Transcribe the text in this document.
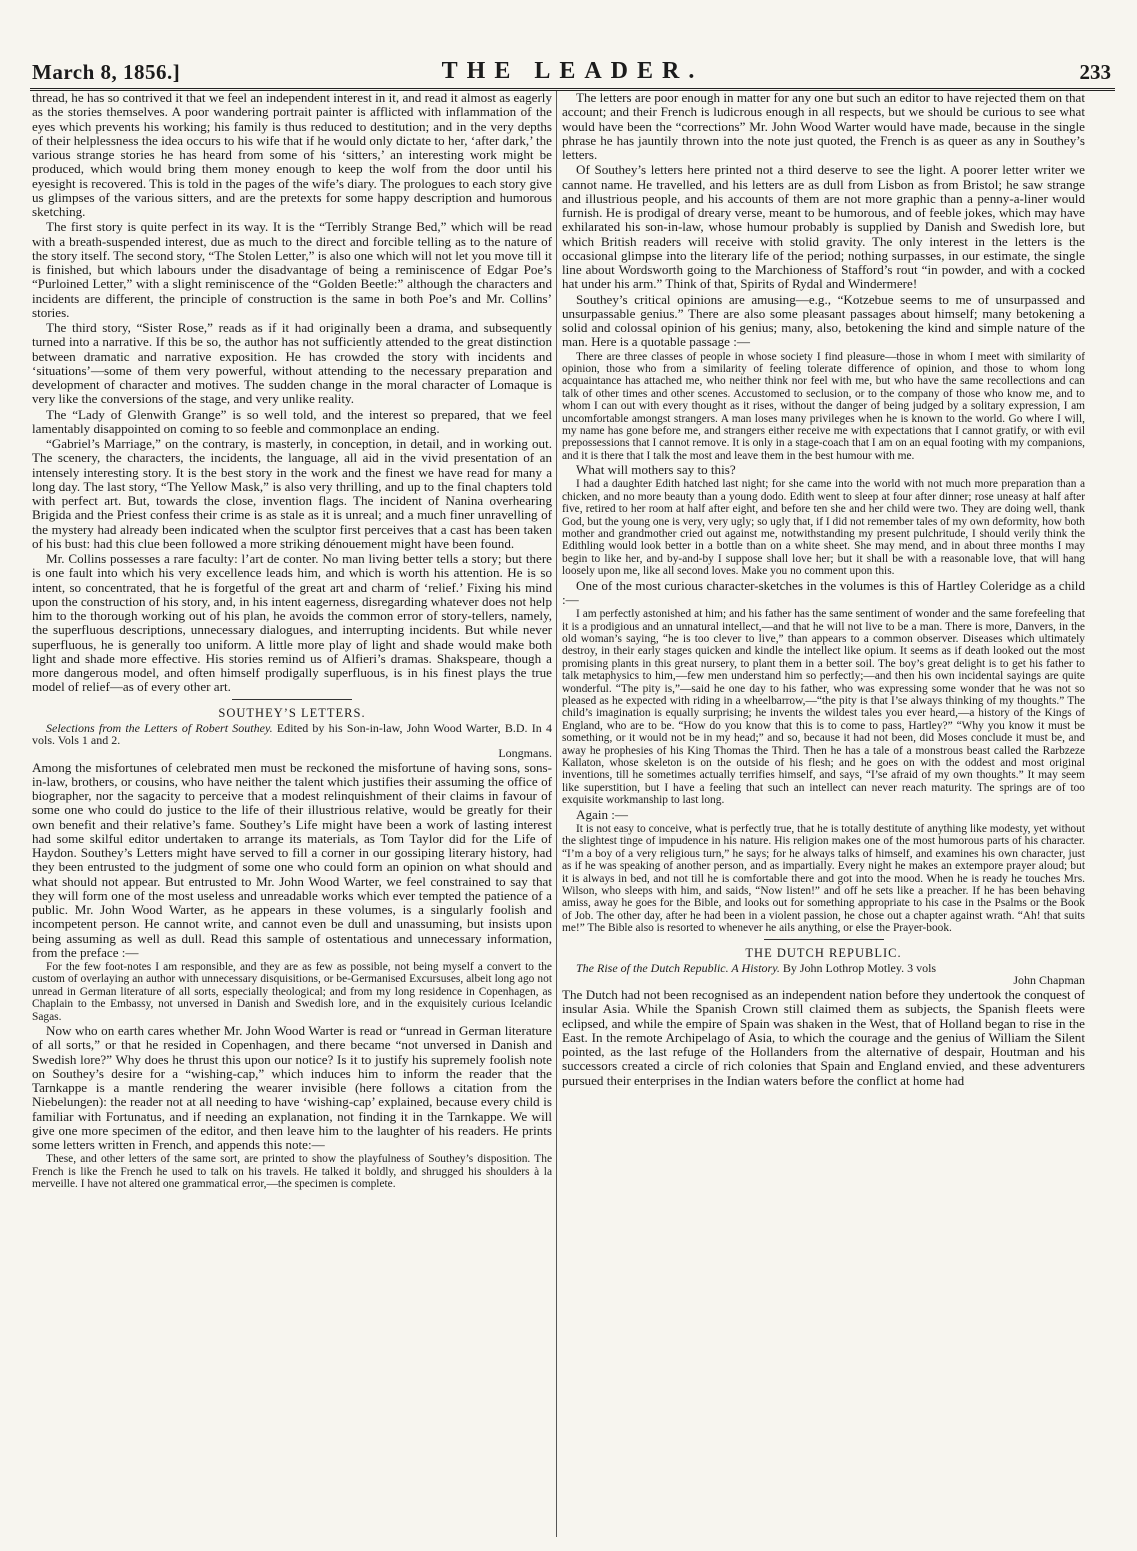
March 8, 1856.]	THE LEADER.	233

thread, he has so contrived it that we feel an independent interest in it, and read it almost as eagerly as the stories themselves. A poor wandering portrait painter is afflicted with inflammation of the eyes which prevents his working; his family is thus reduced to destitution; and in the very depths of their helplessness the idea occurs to his wife that if he would only dictate to her, ‘after dark,’ the various strange stories he has heard from some of his ‘sitters,’ an interesting work might be produced, which would bring them money enough to keep the wolf from the door until his eyesight is recovered. This is told in the pages of the wife’s diary. The prologues to each story give us glimpses of the various sitters, and are the pretexts for some happy description and humorous sketching.

The first story is quite perfect in its way. It is the “Terribly Strange Bed,” which will be read with a breath-suspended interest, due as much to the direct and forcible telling as to the nature of the story itself. The second story, “The Stolen Letter,” is also one which will not let you move till it is finished, but which labours under the disadvantage of being a reminiscence of Edgar Poe’s “Purloined Letter,” with a slight reminiscence of the “Golden Beetle:” although the characters and incidents are different, the principle of construction is the same in both Poe’s and Mr. Collins’ stories.

The third story, “Sister Rose,” reads as if it had originally been a drama, and subsequently turned into a narrative. If this be so, the author has not sufficiently attended to the great distinction between dramatic and narrative exposition. He has crowded the story with incidents and ‘situations’—some of them very powerful, without attending to the necessary preparation and development of character and motives. The sudden change in the moral character of Lomaque is very like the conversions of the stage, and very unlike reality.

The “Lady of Glenwith Grange” is so well told, and the interest so prepared, that we feel lamentably disappointed on coming to so feeble and commonplace an ending.

“Gabriel’s Marriage,” on the contrary, is masterly, in conception, in detail, and in working out. The scenery, the characters, the incidents, the language, all aid in the vivid presentation of an intensely interesting story. It is the best story in the work and the finest we have read for many a long day. The last story, “The Yellow Mask,” is also very thrilling, and up to the final chapters told with perfect art. But, towards the close, invention flags. The incident of Nanina overhearing Brigida and the Priest confess their crime is as stale as it is unreal; and a much finer unravelling of the mystery had already been indicated when the sculptor first perceives that a cast has been taken of his bust: had this clue been followed a more striking dénouement might have been found.

Mr. Collins possesses a rare faculty: l’art de conter. No man living better tells a story; but there is one fault into which his very excellence leads him, and which is worth his attention. He is so intent, so concentrated, that he is forgetful of the great art and charm of ‘relief.’ Fixing his mind upon the construction of his story, and, in his intent eagerness, disregarding whatever does not help him to the thorough working out of his plan, he avoids the common error of story-tellers, namely, the superfluous descriptions, unnecessary dialogues, and interrupting incidents. But while never superfluous, he is generally too uniform. A little more play of light and shade would make both light and shade more effective. His stories remind us of Alfieri’s dramas. Shakspeare, though a more dangerous model, and often himself prodigally superfluous, is in his finest plays the true model of relief—as of every other art.

SOUTHEY’S LETTERS.

Selections from the Letters of Robert Southey. Edited by his Son-in-law, John Wood Warter, B.D. In 4 vols. Vols 1 and 2.
Longmans.

Among the misfortunes of celebrated men must be reckoned the misfortune of having sons, sons-in-law, brothers, or cousins, who have neither the talent which justifies their assuming the office of biographer, nor the sagacity to perceive that a modest relinquishment of their claims in favour of some one who could do justice to the life of their illustrious relative, would be greatly for their own benefit and their relative’s fame. Southey’s Life might have been a work of lasting interest had some skilful editor undertaken to arrange its materials, as Tom Taylor did for the Life of Haydon. Southey’s Letters might have served to fill a corner in our gossiping literary history, had they been entrusted to the judgment of some one who could form an opinion on what should and what should not appear. But entrusted to Mr. John Wood Warter, we feel constrained to say that they will form one of the most useless and unreadable works which ever tempted the patience of a public. Mr. John Wood Warter, as he appears in these volumes, is a singularly foolish and incompetent person. He cannot write, and cannot even be dull and unassuming, but insists upon being assuming as well as dull. Read this sample of ostentatious and unnecessary information, from the preface :—

For the few foot-notes I am responsible, and they are as few as possible, not being myself a convert to the custom of overlaying an author with unnecessary disquisitions, or be-Germanised Excursuses, albeit long ago not unread in German literature of all sorts, especially theological; and from my long residence in Copenhagen, as Chaplain to the Embassy, not unversed in Danish and Swedish lore, and in the exquisitely curious Icelandic Sagas.

Now who on earth cares whether Mr. John Wood Warter is read or “unread in German literature of all sorts,” or that he resided in Copenhagen, and there became “not unversed in Danish and Swedish lore?” Why does he thrust this upon our notice? Is it to justify his supremely foolish note on Southey’s desire for a “wishing-cap,” which induces him to inform the reader that the Tarnkappe is a mantle rendering the wearer invisible (here follows a citation from the Niebelungen): the reader not at all needing to have ‘wishing-cap’ explained, because every child is familiar with Fortunatus, and if needing an explanation, not finding it in the Tarnkappe. We will give one more specimen of the editor, and then leave him to the laughter of his readers. He prints some letters written in French, and appends this note:—

These, and other letters of the same sort, are printed to show the playfulness of Southey’s disposition. The French is like the French he used to talk on his travels. He talked it boldly, and shrugged his shoulders à la merveille. I have not altered one grammatical error,—the specimen is complete.

The letters are poor enough in matter for any one but such an editor to have rejected them on that account; and their French is ludicrous enough in all respects, but we should be curious to see what would have been the “corrections” Mr. John Wood Warter would have made, because in the single phrase he has jauntily thrown into the note just quoted, the French is as queer as any in Southey’s letters.

Of Southey’s letters here printed not a third deserve to see the light. A poorer letter writer we cannot name. He travelled, and his letters are as dull from Lisbon as from Bristol; he saw strange and illustrious people, and his accounts of them are not more graphic than a penny-a-liner would furnish. He is prodigal of dreary verse, meant to be humorous, and of feeble jokes, which may have exhilarated his son-in-law, whose humour probably is supplied by Danish and Swedish lore, but which British readers will receive with stolid gravity. The only interest in the letters is the occasional glimpse into the literary life of the period; nothing surpasses, in our estimate, the single line about Wordsworth going to the Marchioness of Stafford’s rout “in powder, and with a cocked hat under his arm.” Think of that, Spirits of Rydal and Windermere!

Southey’s critical opinions are amusing—e.g., “Kotzebue seems to me of unsurpassed and unsurpassable genius.” There are also some pleasant passages about himself; many betokening a solid and colossal opinion of his genius; many, also, betokening the kind and simple nature of the man. Here is a quotable passage :—

There are three classes of people in whose society I find pleasure—those in whom I meet with similarity of opinion, those who from a similarity of feeling tolerate difference of opinion, and those to whom long acquaintance has attached me, who neither think nor feel with me, but who have the same recollections and can talk of other times and other scenes. Accustomed to seclusion, or to the company of those who know me, and to whom I can out with every thought as it rises, without the danger of being judged by a solitary expression, I am uncomfortable amongst strangers. A man loses many privileges when he is known to the world. Go where I will, my name has gone before me, and strangers either receive me with expectations that I cannot gratify, or with evil prepossessions that I cannot remove. It is only in a stage-coach that I am on an equal footing with my companions, and it is there that I talk the most and leave them in the best humour with me.

What will mothers say to this?

I had a daughter Edith hatched last night; for she came into the world with not much more preparation than a chicken, and no more beauty than a young dodo. Edith went to sleep at four after dinner; rose uneasy at half after five, retired to her room at half after eight, and before ten she and her child were two. They are doing well, thank God, but the young one is very, very ugly; so ugly that, if I did not remember tales of my own deformity, how both mother and grandmother cried out against me, notwithstanding my present pulchritude, I should verily think the Edithling would look better in a bottle than on a white sheet. She may mend, and in about three months I may begin to like her, and by-and-by I suppose shall love her; but it shall be with a reasonable love, that will hang loosely upon me, like all second loves. Make you no comment upon this.

One of the most curious character-sketches in the volumes is this of Hartley Coleridge as a child :—

I am perfectly astonished at him; and his father has the same sentiment of wonder and the same forefeeling that it is a prodigious and an unnatural intellect,—and that he will not live to be a man. There is more, Danvers, in the old woman’s saying, “he is too clever to live,” than appears to a common observer. Diseases which ultimately destroy, in their early stages quicken and kindle the intellect like opium. It seems as if death looked out the most promising plants in this great nursery, to plant them in a better soil. The boy’s great delight is to get his father to talk metaphysics to him,—few men understand him so perfectly;—and then his own incidental sayings are quite wonderful. “The pity is,”—said he one day to his father, who was expressing some wonder that he was not so pleased as he expected with riding in a wheelbarrow,—“the pity is that I’se always thinking of my thoughts.” The child’s imagination is equally surprising; he invents the wildest tales you ever heard,—a history of the Kings of England, who are to be. “How do you know that this is to come to pass, Hartley?” “Why you know it must be something, or it would not be in my head;” and so, because it had not been, did Moses conclude it must be, and away he prophesies of his King Thomas the Third. Then he has a tale of a monstrous beast called the Rarbzeze Kallaton, whose skeleton is on the outside of his flesh; and he goes on with the oddest and most original inventions, till he sometimes actually terrifies himself, and says, “I’se afraid of my own thoughts.” It may seem like superstition, but I have a feeling that such an intellect can never reach maturity. The springs are of too exquisite workmanship to last long.

Again :—

It is not easy to conceive, what is perfectly true, that he is totally destitute of anything like modesty, yet without the slightest tinge of impudence in his nature. His religion makes one of the most humorous parts of his character. “I’m a boy of a very religious turn,” he says; for he always talks of himself, and examines his own character, just as if he was speaking of another person, and as impartially. Every night he makes an extempore prayer aloud; but it is always in bed, and not till he is comfortable there and got into the mood. When he is ready he touches Mrs. Wilson, who sleeps with him, and saids, “Now listen!” and off he sets like a preacher. If he has been behaving amiss, away he goes for the Bible, and looks out for something appropriate to his case in the Psalms or the Book of Job. The other day, after he had been in a violent passion, he chose out a chapter against wrath. “Ah! that suits me!” The Bible also is resorted to whenever he ails anything, or else the Prayer-book.

THE DUTCH REPUBLIC.

The Rise of the Dutch Republic. A History. By John Lothrop Motley. 3 vols
John Chapman

The Dutch had not been recognised as an independent nation before they undertook the conquest of insular Asia. While the Spanish Crown still claimed them as subjects, the Spanish fleets were eclipsed, and while the empire of Spain was shaken in the West, that of Holland began to rise in the East. In the remote Archipelago of Asia, to which the courage and the genius of William the Silent pointed, as the last refuge of the Hollanders from the alternative of despair, Houtman and his successors created a circle of rich colonies that Spain and England envied, and these adventurers pursued their enterprises in the Indian waters before the conflict at home had
